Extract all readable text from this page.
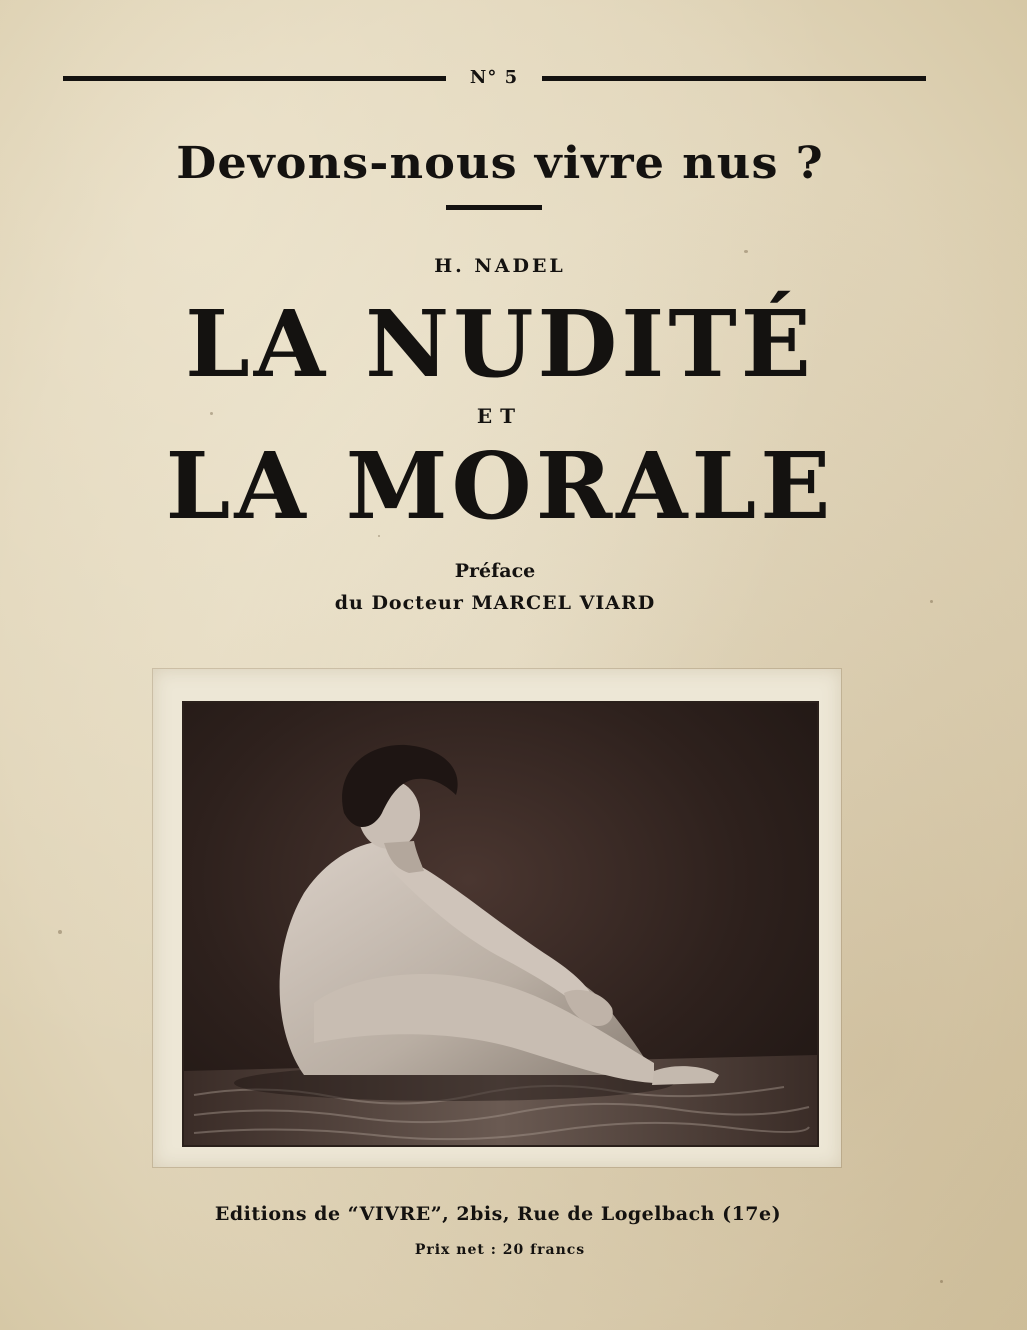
N° 5
Devons-nous vivre nus ?
H. NADEL
LA NUDITÉ
ET
LA MORALE
Préface
du Docteur MARCEL VIARD
Editions de “VIVRE”, 2bis, Rue de Logelbach (17e)
Prix net : 20 francs
